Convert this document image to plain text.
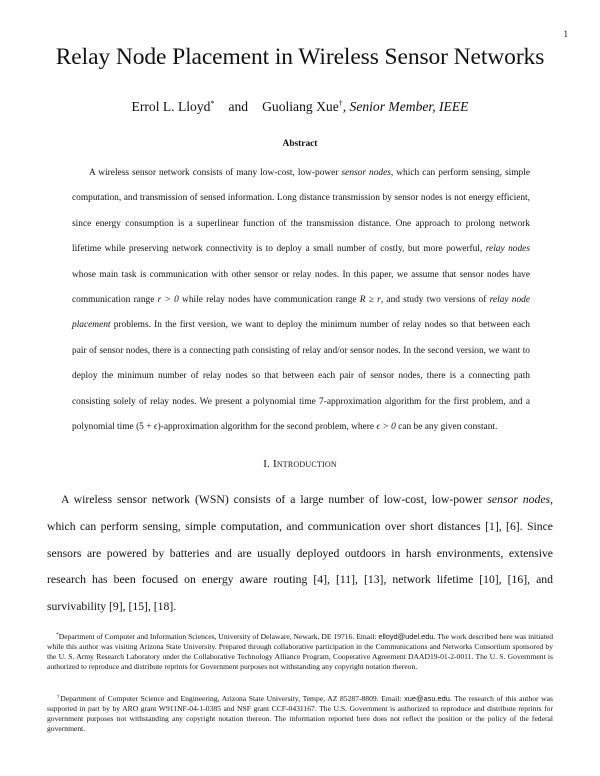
1
Relay Node Placement in Wireless Sensor Networks
Errol L. Lloyd* and Guoliang Xue†, Senior Member, IEEE
Abstract

A wireless sensor network consists of many low-cost, low-power sensor nodes, which can perform sensing, simple computation, and transmission of sensed information. Long distance transmission by sensor nodes is not energy efficient, since energy consumption is a superlinear function of the transmission distance. One approach to prolong network lifetime while preserving network connectivity is to deploy a small number of costly, but more powerful, relay nodes whose main task is communication with other sensor or relay nodes. In this paper, we assume that sensor nodes have communication range r > 0 while relay nodes have communication range R ≥ r, and study two versions of relay node placement problems. In the first version, we want to deploy the minimum number of relay nodes so that between each pair of sensor nodes, there is a connecting path consisting of relay and/or sensor nodes. In the second version, we want to deploy the minimum number of relay nodes so that between each pair of sensor nodes, there is a connecting path consisting solely of relay nodes. We present a polynomial time 7-approximation algorithm for the first problem, and a polynomial time (5 + ϵ)-approximation algorithm for the second problem, where ϵ > 0 can be any given constant.

I. Introduction

A wireless sensor network (WSN) consists of a large number of low-cost, low-power sensor nodes, which can perform sensing, simple computation, and communication over short distances [1], [6]. Since sensors are powered by batteries and are usually deployed outdoors in harsh environments, extensive research has been focused on energy aware routing [4], [11], [13], network lifetime [10], [16], and survivability [9], [15], [18].

*Department of Computer and Information Sciences, University of Delaware, Newark, DE 19716. Email: elloyd@udel.edu. The work described here was initiated while this author was visiting Arizona State University. Prepared through collaborative participation in the Communications and Networks Consortium sponsored by the U. S. Army Research Laboratory under the Collaborative Technology Alliance Program, Cooperative Agreement DAAD19-01-2-0011. The U. S. Government is authorized to reproduce and distribute reprints for Government purposes not withstanding any copyright notation thereon.

†Department of Computer Science and Engineering, Arizona State University, Tempe, AZ 85287-8809. Email: xue@asu.edu. The research of this author was supported in part by by ARO grant W911NF-04-1-0385 and NSF grant CCF-0431167. The U.S. Government is authorized to reproduce and distribute reprints for government purposes not withstanding any copyright notation thereon. The information reported here does not reflect the position or the policy of the federal government.
